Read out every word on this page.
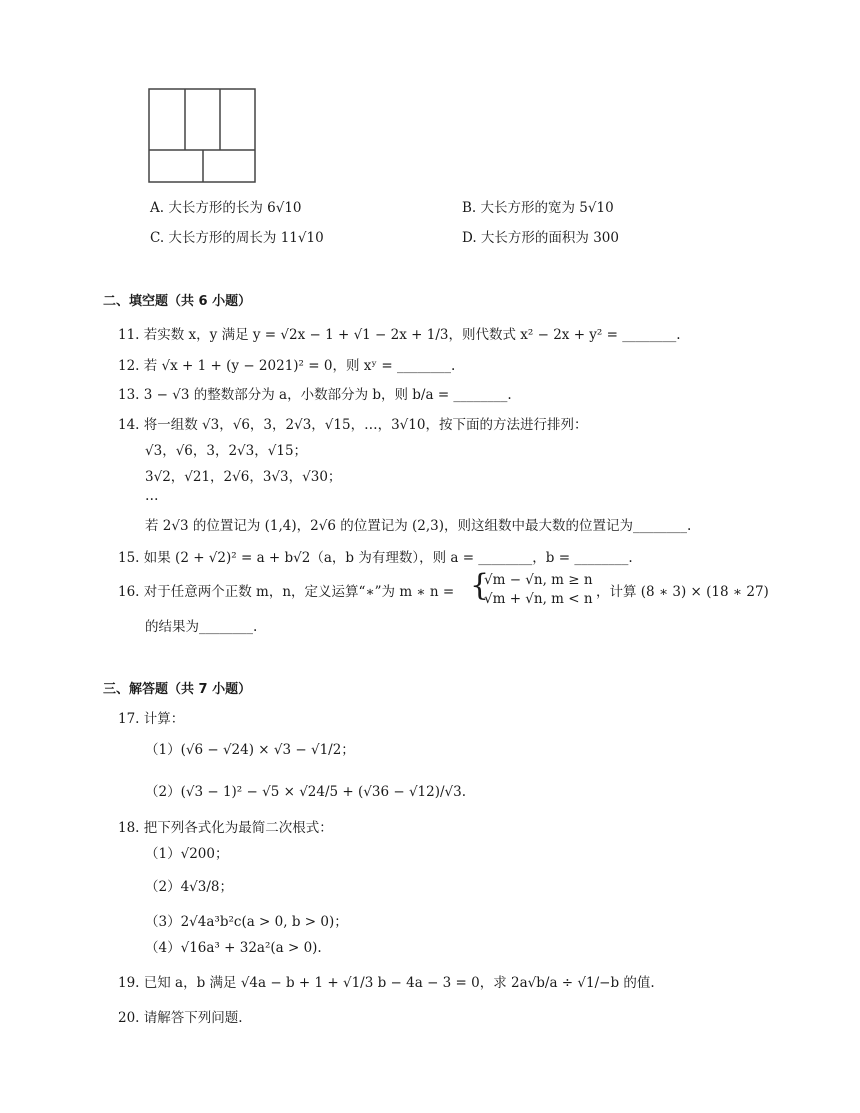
A. 大长方形的长为 6√10	B. 大长方形的宽为 5√10
C. 大长方形的周长为 11√10	D. 大长方形的面积为 300
二、填空题（共 6 小题）
11. 若实数 x，y 满足 y = √2x − 1 + √1 − 2x + 1/3，则代数式 x² − 2x + y² = ________.
12. 若 √x + 1 + (y − 2021)² = 0，则 xʸ = ________.
13. 3 − √3 的整数部分为 a，小数部分为 b，则 b/a = ________.
14. 将一组数 √3，√6，3，2√3，√15，…，3√10，按下面的方法进行排列：
√3，√6，3，2√3，√15；
3√2，√21，2√6，3√3，√30；
…
若 2√3 的位置记为 (1,4)，2√6 的位置记为 (2,3)，则这组数中最大数的位置记为________.
15. 如果 (2 + √2)² = a + b√2（a，b 为有理数），则 a = ________，b = ________.
16. 对于任意两个正数 m，n，定义运算“∗”为 m ∗ n = {
√m − √n, m ≥ n
√m + √n, m < n ，计算 (8 ∗ 3) × (18 ∗ 27)
的结果为________.
三、解答题（共 7 小题）
17. 计算：
（1）(√6 − √24) × √3 − √1/2；
（2）(√3 − 1)² − √5 × √24/5 + (√36 − √12)/√3.
18. 把下列各式化为最简二次根式：
（1）√200；
（2）4√3/8；
（3）2√4a³b²c(a > 0, b > 0)；
（4）√16a³ + 32a²(a > 0).
19. 已知 a，b 满足 √4a − b + 1 + √1/3 b − 4a − 3 = 0，求 2a√b/a ÷ √1/−b 的值.
20. 请解答下列问题.
